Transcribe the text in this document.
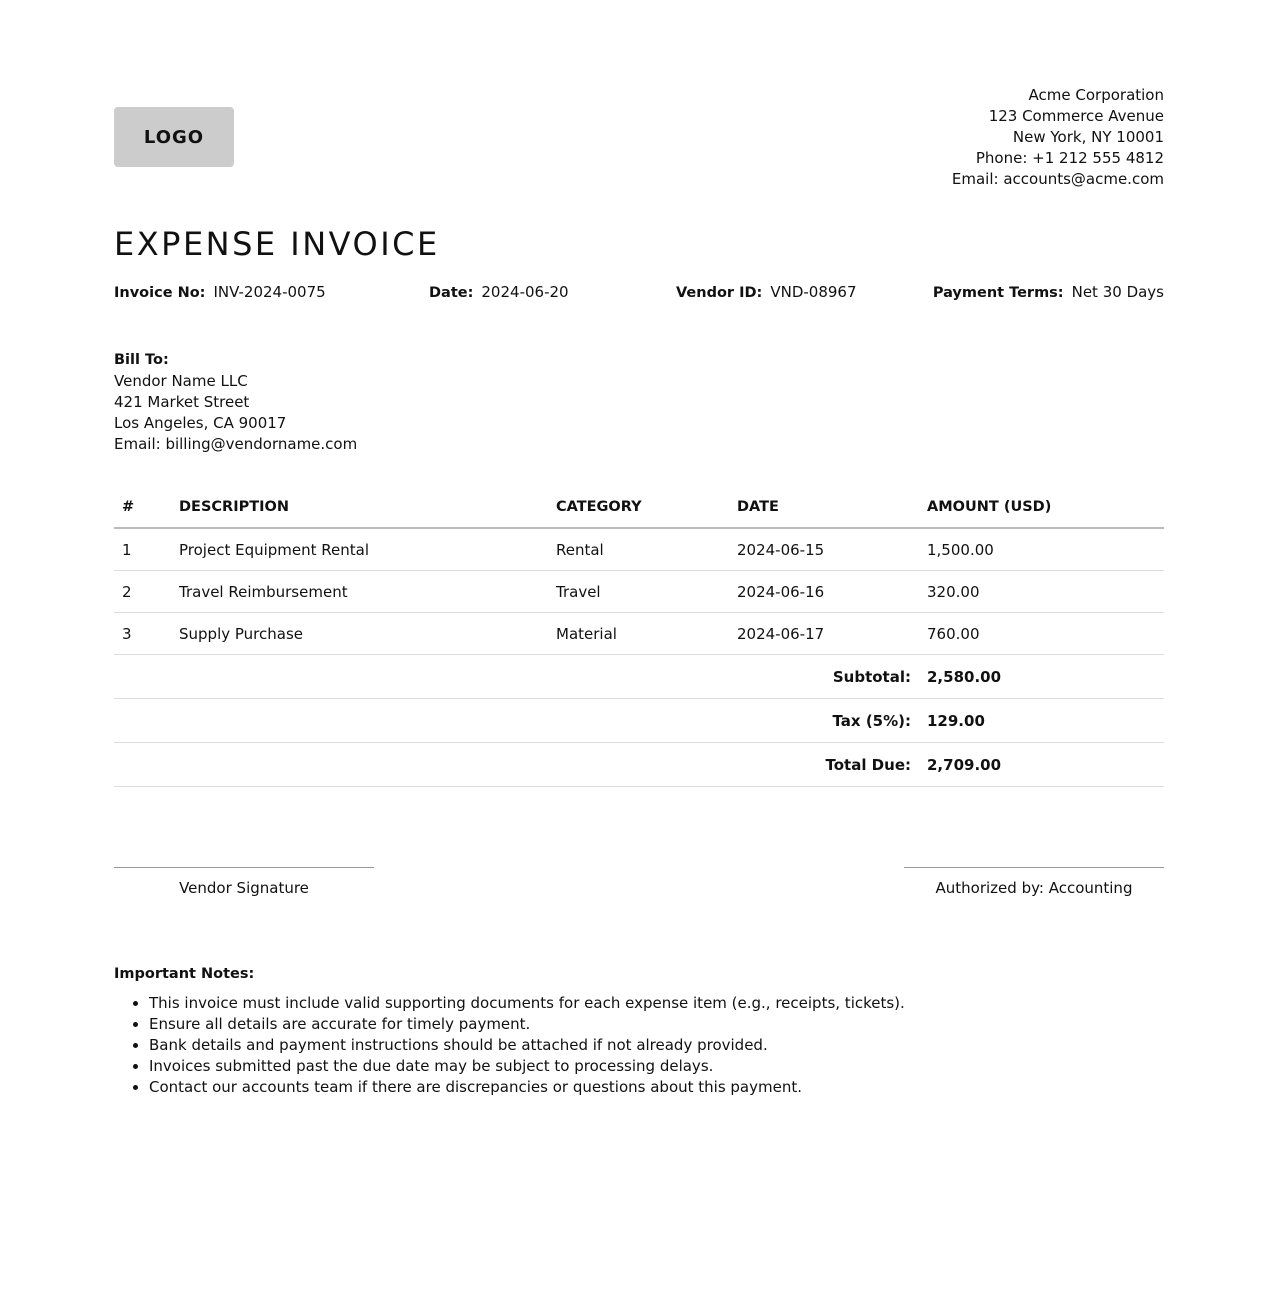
LOGO
Acme Corporation
123 Commerce Avenue
New York, NY 10001
Phone: +1 212 555 4812
Email: accounts@acme.com
EXPENSE INVOICE
Invoice No: INV-2024-0075	Date: 2024-06-20	Vendor ID: VND-08967	Payment Terms: Net 30 Days
Bill To:
Vendor Name LLC
421 Market Street
Los Angeles, CA 90017
Email: billing@vendorname.com
#	DESCRIPTION	CATEGORY	DATE	AMOUNT (USD)
1	Project Equipment Rental	Rental	2024-06-15	1,500.00
2	Travel Reimbursement	Travel	2024-06-16	320.00
3	Supply Purchase	Material	2024-06-17	760.00
Subtotal:				2,580.00
Tax (5%):				129.00
Total Due:				2,709.00
Vendor Signature	Authorized by: Accounting
Important Notes:
• This invoice must include valid supporting documents for each expense item (e.g., receipts, tickets).
• Ensure all details are accurate for timely payment.
• Bank details and payment instructions should be attached if not already provided.
• Invoices submitted past the due date may be subject to processing delays.
• Contact our accounts team if there are discrepancies or questions about this payment.
